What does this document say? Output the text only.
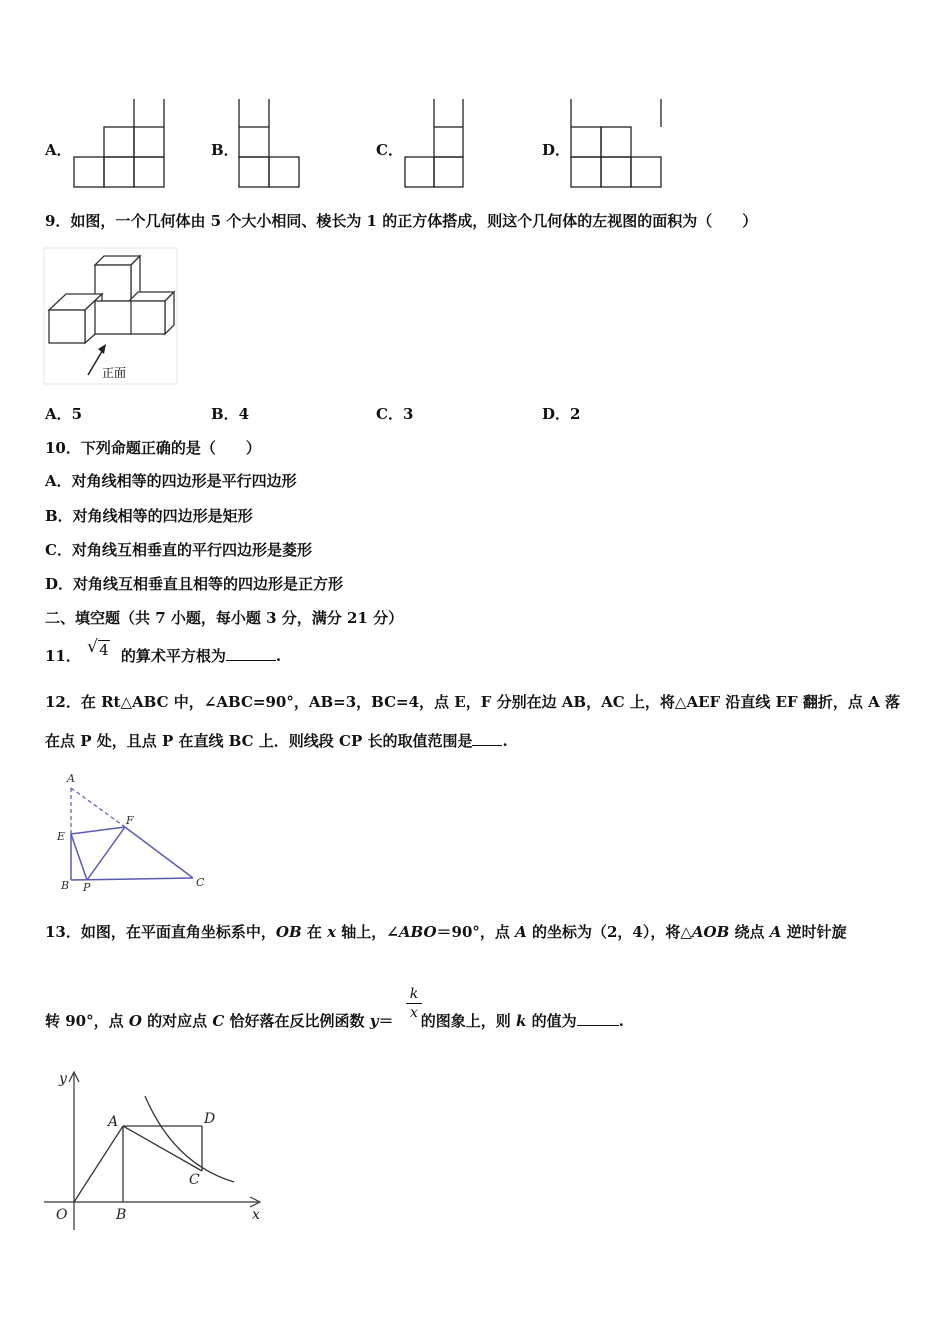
A．	B．	C．	D．
9．如图，一个几何体由 5 个大小相同、棱长为 1 的正方体搭成，则这个几何体的左视图的面积为（　　）
正面
A．5	B．4	C．3	D．2
10．下列命题正确的是（　　）
A．对角线相等的四边形是平行四边形
B．对角线相等的四边形是矩形
C．对角线互相垂直的平行四边形是菱形
D．对角线互相垂直且相等的四边形是正方形
二、填空题（共 7 小题，每小题 3 分，满分 21 分）
11． √ 4 的算术平方根为	.
12．在 Rt△ABC 中，∠ABC=90°，AB=3，BC=4，点 E，F 分别在边 AB，AC 上，将△AEF 沿直线 EF 翻折，点 A 落
在点 P 处，且点 P 在直线 BC 上．则线段 CP 长的取值范围是 .
A
E
F
B P	C
13．如图，在平面直角坐标系中，OB 在 x 轴上，∠ABO＝90°，点 A 的坐标为（2，4），将△AOB 绕点 A 逆时针旋
$\frac{k}{x}$
转 90°，点 O 的对应点 C 恰好落在反比例函数 y＝ 的图象上，则 k 的值为	.
y
x
O
A
B
C
D
